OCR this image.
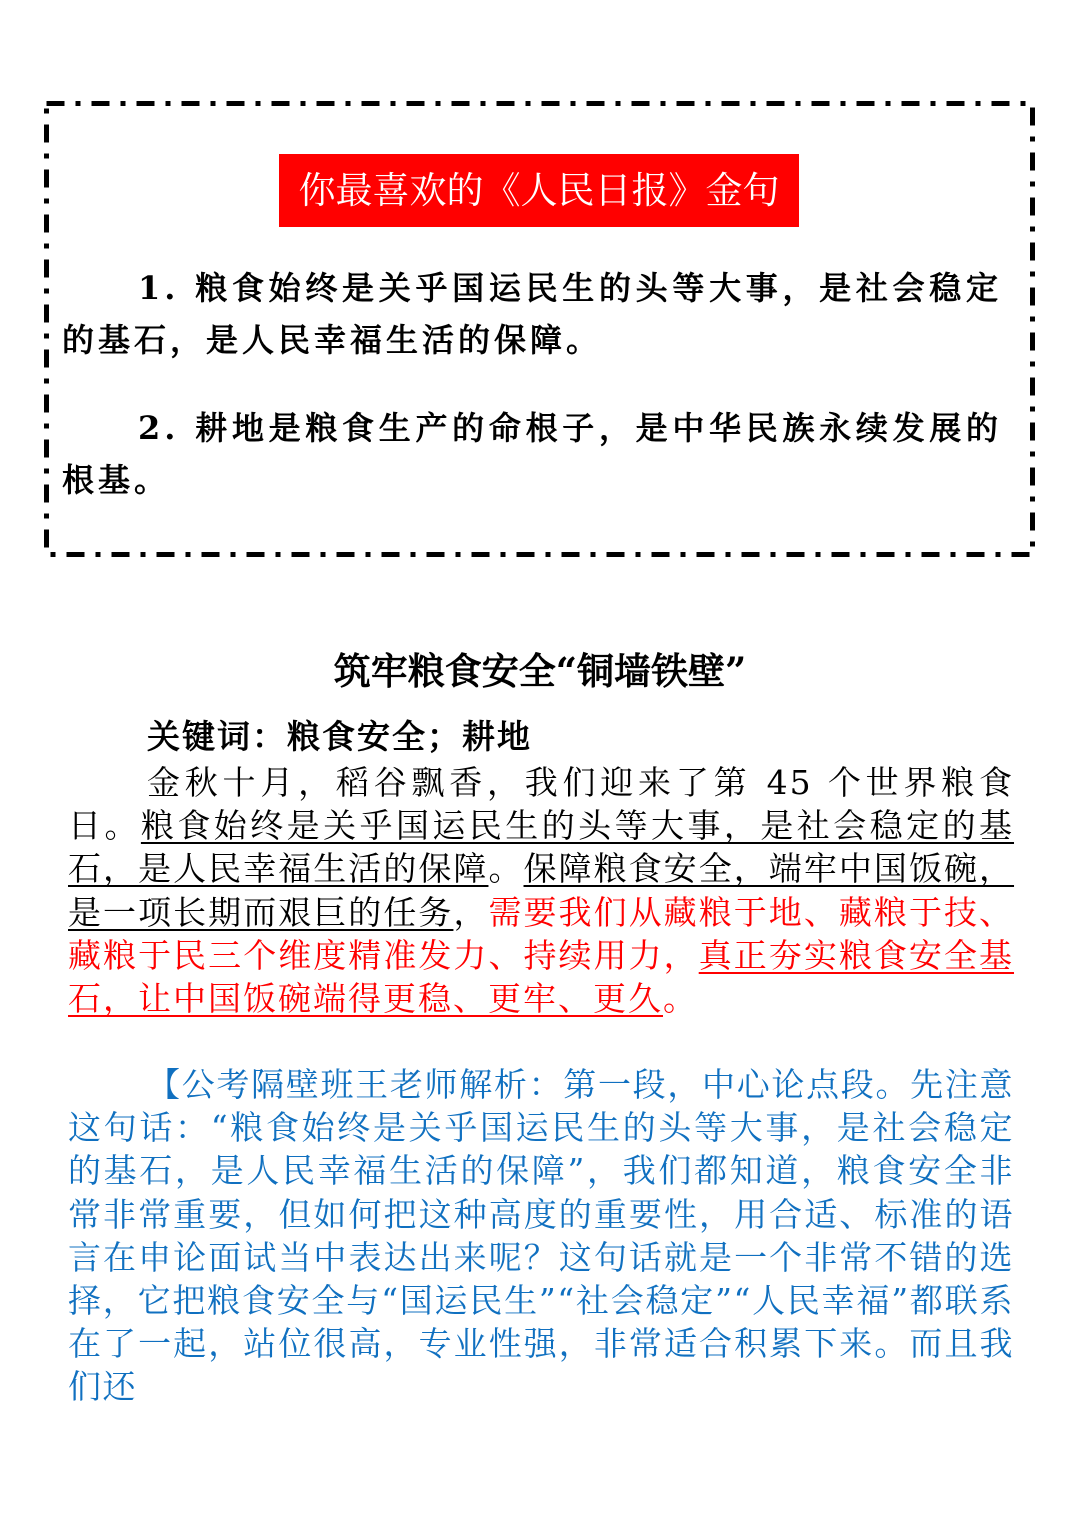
你最喜欢的《人民日报》金句

1. 粮食始终是关乎国运民生的头等大事，是社会稳定的基石，是人民幸福生活的保障。

2. 耕地是粮食生产的命根子，是中华民族永续发展的根基。

筑牢粮食安全“铜墙铁壁”
关键词：粮食安全；耕地

金秋十月，稻谷飘香，我们迎来了第 45 个世界粮食日。粮食始终是关乎国运民生的头等大事，是社会稳定的基石，是人民幸福生活的保障。保障粮食安全，端牢中国饭碗，是一项长期而艰巨的任务，需要我们从藏粮于地、藏粮于技、藏粮于民三个维度精准发力、持续用力，真正夯实粮食安全基石，让中国饭碗端得更稳、更牢、更久。

【公考隔壁班王老师解析：第一段，中心论点段。先注意这句话：“粮食始终是关乎国运民生的头等大事，是社会稳定的基石，是人民幸福生活的保障”，我们都知道，粮食安全非常非常重要，但如何把这种高度的重要性，用合适、标准的语言在申论面试当中表达出来呢？这句话就是一个非常不错的选择，它把粮食安全与“国运民生”“社会稳定”“人民幸福”都联系在了一起，站位很高，专业性强，非常适合积累下来。而且我们还
